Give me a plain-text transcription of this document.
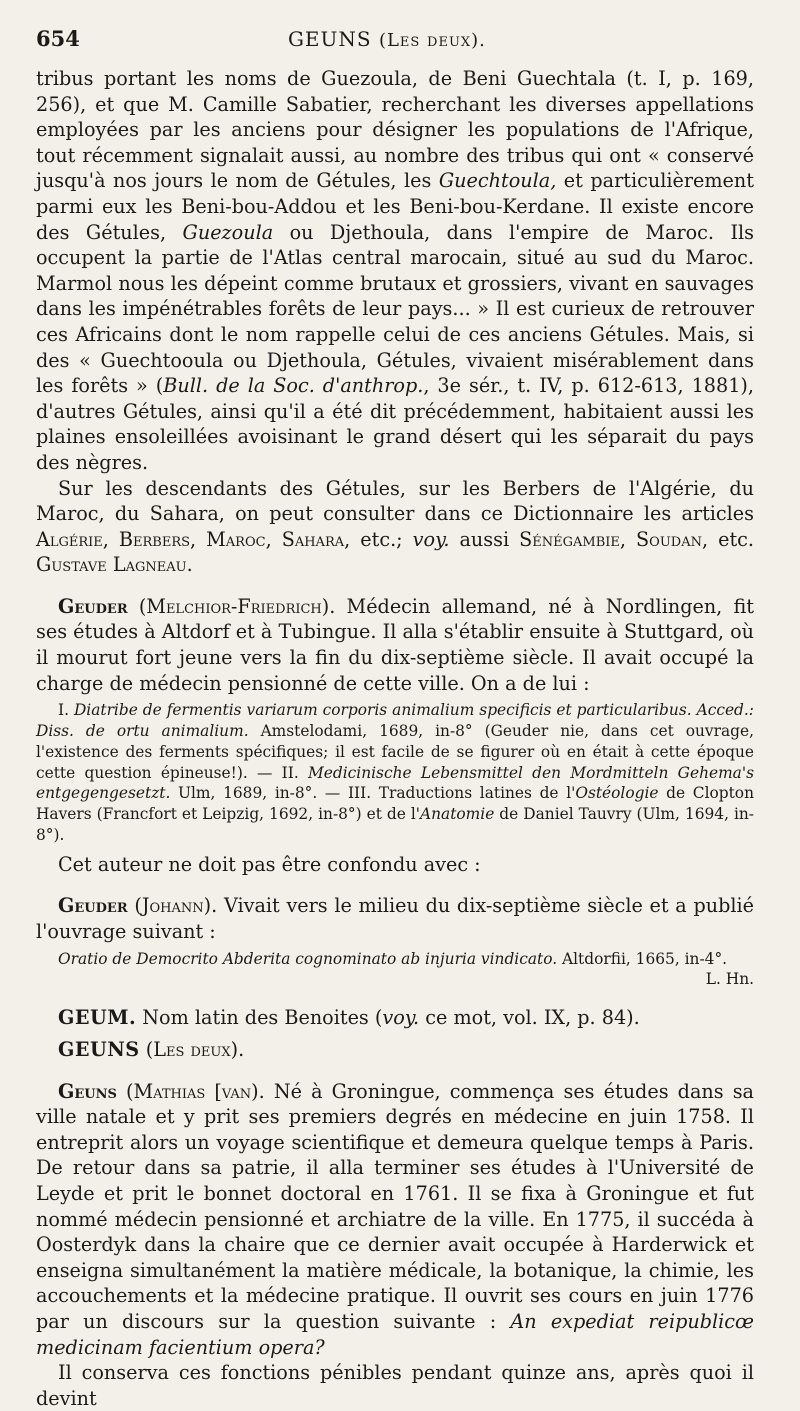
654	GEUNS (Les deux).

tribus portant les noms de Guezoula, de Beni Guechtala (t. I, p. 169, 256), et que M. Camille Sabatier, recherchant les diverses appellations employées par les anciens pour désigner les populations de l'Afrique, tout récemment signalait aussi, au nombre des tribus qui ont « conservé jusqu'à nos jours le nom de Gétules, les Guechtoula, et particulièrement parmi eux les Beni-bou-Addou et les Beni-bou-Kerdane. Il existe encore des Gétules, Guezoula ou Djethoula, dans l'empire de Maroc. Ils occupent la partie de l'Atlas central marocain, situé au sud du Maroc. Marmol nous les dépeint comme brutaux et grossiers, vivant en sauvages dans les impénétrables forêts de leur pays... » Il est curieux de retrouver ces Africains dont le nom rappelle celui de ces anciens Gétules. Mais, si des « Guechtooula ou Djethoula, Gétules, vivaient misérablement dans les forêts » (Bull. de la Soc. d'anthrop., 3e sér., t. IV, p. 612-613, 1881), d'autres Gétules, ainsi qu'il a été dit précédemment, habitaient aussi les plaines ensoleillées avoisinant le grand désert qui les séparait du pays des nègres.

Sur les descendants des Gétules, sur les Berbers de l'Algérie, du Maroc, du Sahara, on peut consulter dans ce Dictionnaire les articles Algérie, Berbers, Maroc, Sahara, etc.; voy. aussi Sénégambie, Soudan, etc. Gustave Lagneau.

Geuder (Melchior-Friedrich). Médecin allemand, né à Nordlingen, fit ses études à Altdorf et à Tubingue. Il alla s'établir ensuite à Stuttgard, où il mourut fort jeune vers la fin du dix-septième siècle. Il avait occupé la charge de médecin pensionné de cette ville. On a de lui :

I. Diatribe de fermentis variarum corporis animalium specificis et particularibus. Acced.: Diss. de ortu animalium. Amstelodami, 1689, in-8° (Geuder nie, dans cet ouvrage, l'existence des ferments spécifiques; il est facile de se figurer où en était à cette époque cette question épineuse!). — II. Medicinische Lebensmittel den Mordmitteln Gehema's entgegengesetzt. Ulm, 1689, in-8°. — III. Traductions latines de l'Ostéologie de Clopton Havers (Francfort et Leipzig, 1692, in-8°) et de l'Anatomie de Daniel Tauvry (Ulm, 1694, in-8°).

Cet auteur ne doit pas être confondu avec :

Geuder (Johann). Vivait vers le milieu du dix-septième siècle et a publié l'ouvrage suivant :

Oratio de Democrito Abderita cognominato ab injuria vindicato. Altdorfii, 1665, in-4°.

L. Hn.

GEUM. Nom latin des Benoites (voy. ce mot, vol. IX, p. 84).

GEUNS (Les deux).

Geuns (Mathias [van). Né à Groningue, commença ses études dans sa ville natale et y prit ses premiers degrés en médecine en juin 1758. Il entreprit alors un voyage scientifique et demeura quelque temps à Paris. De retour dans sa patrie, il alla terminer ses études à l'Université de Leyde et prit le bonnet doctoral en 1761. Il se fixa à Groningue et fut nommé médecin pensionné et archiatre de la ville. En 1775, il succéda à Oosterdyk dans la chaire que ce dernier avait occupée à Harderwick et enseigna simultanément la matière médicale, la botanique, la chimie, les accouchements et la médecine pratique. Il ouvrit ses cours en juin 1776 par un discours sur la question suivante : An expediat reipublicœ medicinam facientium opera?

Il conserva ces fonctions pénibles pendant quinze ans, après quoi il devint
